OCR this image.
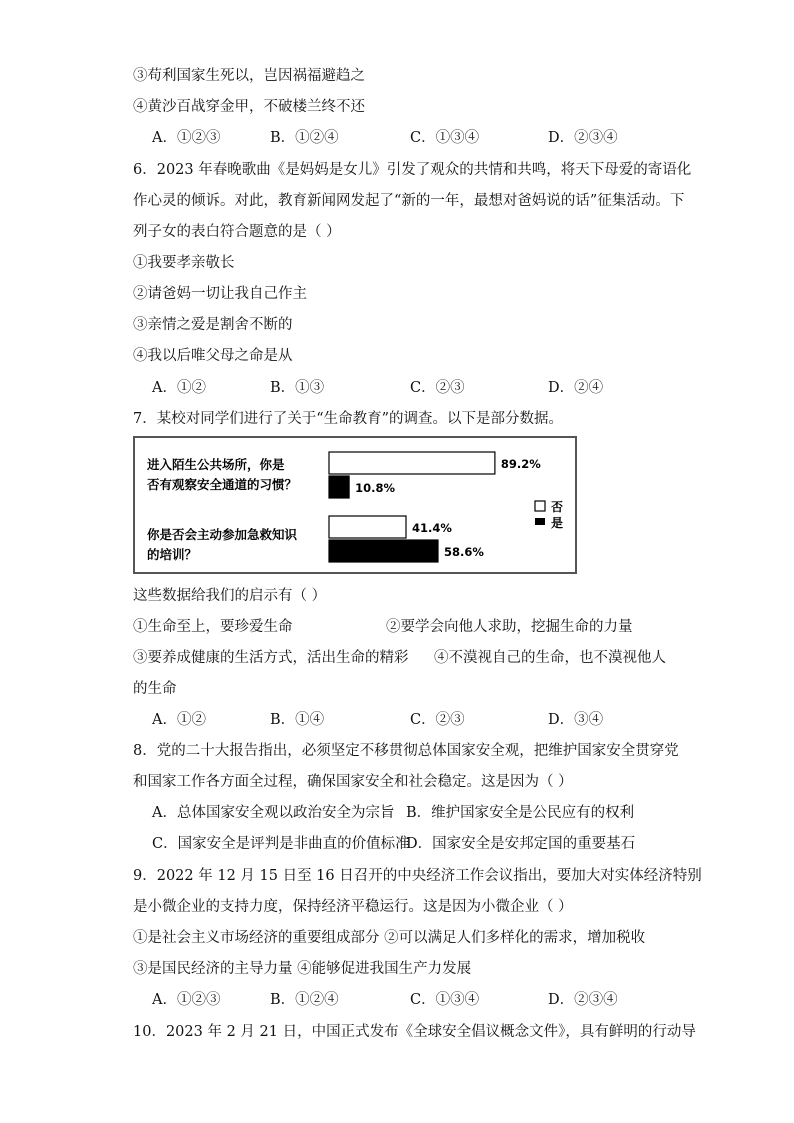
③苟利国家生死以，岂因祸福避趋之
④黄沙百战穿金甲，不破楼兰终不还
A．①②③	B．①②④	C．①③④	D．②③④
6．2023 年春晚歌曲《是妈妈是女儿》引发了观众的共情和共鸣，将天下母爱的寄语化
作心灵的倾诉。对此，教育新闻网发起了“新的一年，最想对爸妈说的话”征集活动。下
列子女的表白符合题意的是（ ）
①我要孝亲敬长
②请爸妈一切让我自己作主
③亲情之爱是割舍不断的
④我以后唯父母之命是从
A．①②	B．①③	C．②③	D．②④
7．某校对同学们进行了关于“生命教育”的调查。以下是部分数据。
进入陌生公共场所，你是
否有观察安全通道的习惯？
你是否会主动参加急救知识
的培训？
89.2%
10.8%
41.4%
58.6%
否
是
这些数据给我们的启示有（ ）
①生命至上，要珍爱生命	②要学会向他人求助，挖掘生命的力量
③要养成健康的生活方式，活出生命的精彩 ④不漠视自己的生命，也不漠视他人
的生命
A．①②	B．①④	C．②③	D．③④
8．党的二十大报告指出，必须坚定不移贯彻总体国家安全观，把维护国家安全贯穿党
和国家工作各方面全过程，确保国家安全和社会稳定。这是因为（ ）
A．总体国家安全观以政治安全为宗旨 B．维护国家安全是公民应有的权利
C．国家安全是评判是非曲直的价值标准
D．国家安全是安邦定国的重要基石
9．2022 年 12 月 15 日至 16 日召开的中央经济工作会议指出，要加大对实体经济特别
是小微企业的支持力度，保持经济平稳运行。这是因为小微企业（ ）
①是社会主义市场经济的重要组成部分 ②可以满足人们多样化的需求，增加税收
③是国民经济的主导力量 ④能够促进我国生产力发展
A．①②③	B．①②④	C．①③④	D．②③④
10．2023 年 2 月 21 日，中国正式发布《全球安全倡议概念文件》，具有鲜明的行动导
